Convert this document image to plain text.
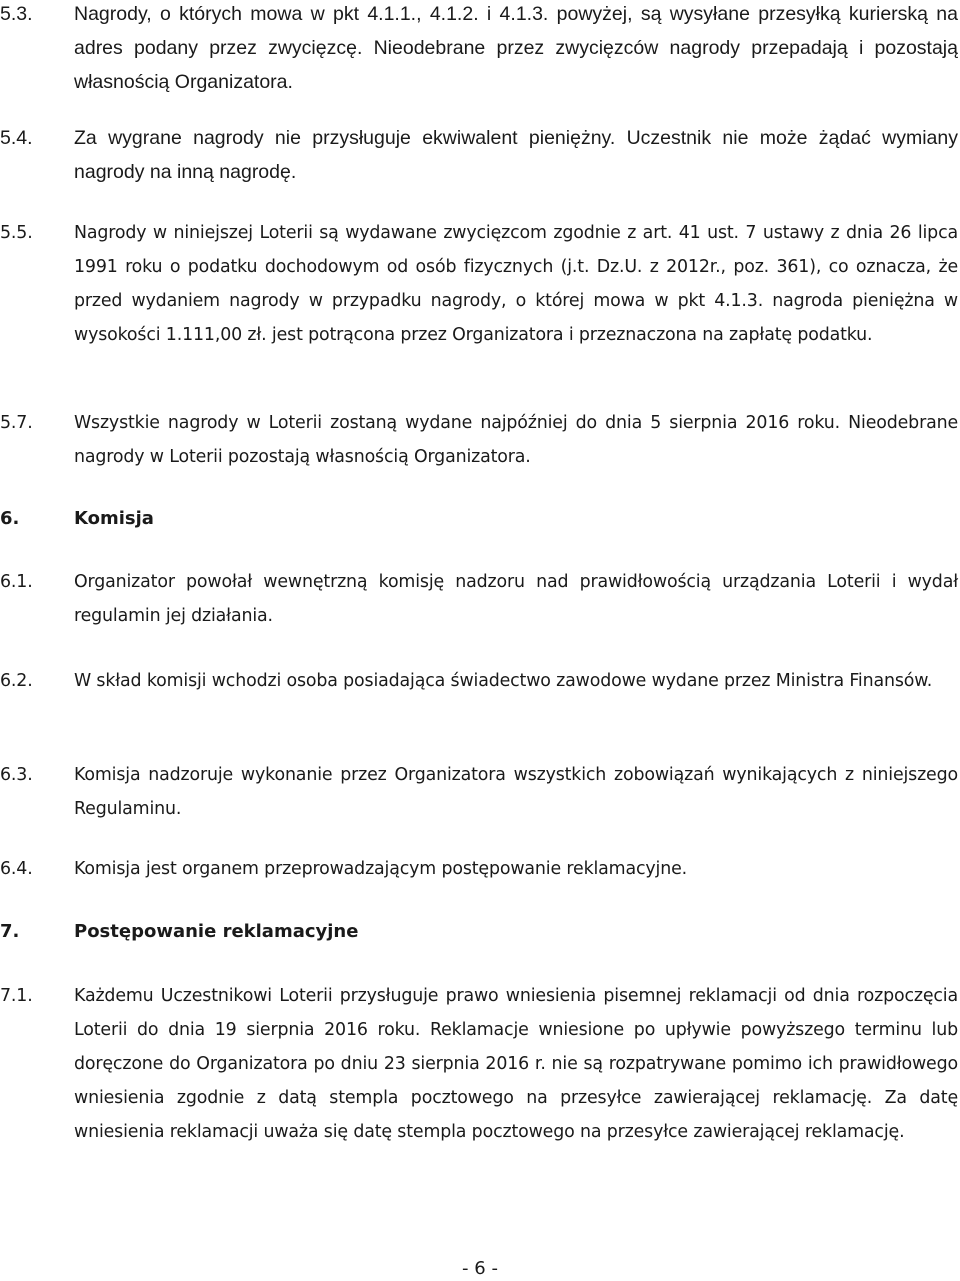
5.3. Nagrody, o których mowa w pkt 4.1.1., 4.1.2. i 4.1.3. powyżej, są wysyłane przesyłką kurierską na adres podany przez zwycięzcę. Nieodebrane przez zwycięzców nagrody przepadają i pozostają własnością Organizatora.
5.4. Za wygrane nagrody nie przysługuje ekwiwalent pieniężny. Uczestnik nie może żądać wymiany nagrody na inną nagrodę.
5.5. Nagrody w niniejszej Loterii są wydawane zwycięzcom zgodnie z art. 41 ust. 7 ustawy z dnia 26 lipca 1991 roku o podatku dochodowym od osób fizycznych (j.t. Dz.U. z 2012r., poz. 361), co oznacza, że przed wydaniem nagrody w przypadku nagrody, o której mowa w pkt 4.1.3. nagroda pieniężna w wysokości 1.111,00 zł. jest potrącona przez Organizatora i przeznaczona na zapłatę podatku.
5.7. Wszystkie nagrody w Loterii zostaną wydane najpóźniej do dnia 5 sierpnia 2016 roku. Nieodebrane nagrody w Loterii pozostają własnością Organizatora.
6.	Komisja
6.1. Organizator powołał wewnętrzną komisję nadzoru nad prawidłowością urządzania Loterii i wydał regulamin jej działania.
6.2. W skład komisji wchodzi osoba posiadająca świadectwo zawodowe wydane przez Ministra Finansów.
6.3. Komisja nadzoruje wykonanie przez Organizatora wszystkich zobowiązań wynikających z niniejszego Regulaminu.
6.4. Komisja jest organem przeprowadzającym postępowanie reklamacyjne.
7.	Postępowanie reklamacyjne
7.1. Każdemu Uczestnikowi Loterii przysługuje prawo wniesienia pisemnej reklamacji od dnia rozpoczęcia Loterii do dnia 19 sierpnia 2016 roku. Reklamacje wniesione po upływie powyższego terminu lub doręczone do Organizatora po dniu 23 sierpnia 2016 r. nie są rozpatrywane pomimo ich prawidłowego wniesienia zgodnie z datą stempla pocztowego na przesyłce zawierającej reklamację. Za datę wniesienia reklamacji uważa się datę stempla pocztowego na przesyłce zawierającej reklamację.
- 6 -
